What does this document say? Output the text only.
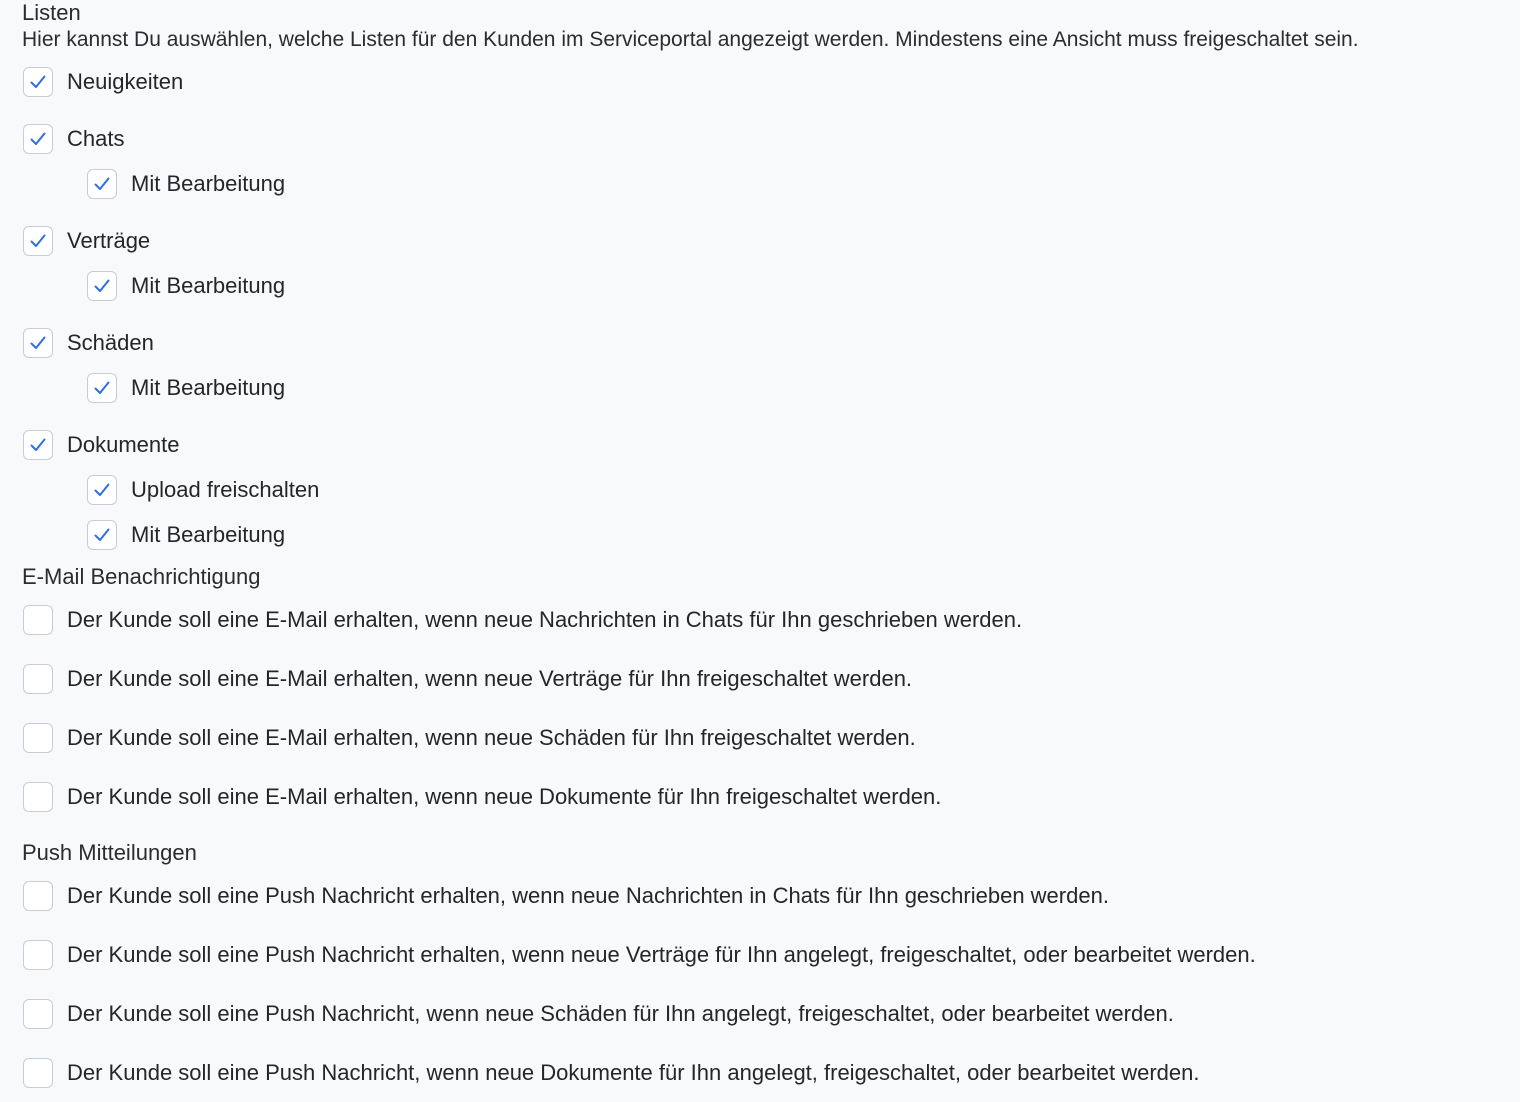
Listen
Hier kannst Du auswählen, welche Listen für den Kunden im Serviceportal angezeigt werden. Mindestens eine Ansicht muss freigeschaltet sein.
Neuigkeiten
Chats
Mit Bearbeitung
Verträge
Mit Bearbeitung
Schäden
Mit Bearbeitung
Dokumente
Upload freischalten
Mit Bearbeitung
E-Mail Benachrichtigung
Der Kunde soll eine E-Mail erhalten, wenn neue Nachrichten in Chats für Ihn geschrieben werden.
Der Kunde soll eine E-Mail erhalten, wenn neue Verträge für Ihn freigeschaltet werden.
Der Kunde soll eine E-Mail erhalten, wenn neue Schäden für Ihn freigeschaltet werden.
Der Kunde soll eine E-Mail erhalten, wenn neue Dokumente für Ihn freigeschaltet werden.
Push Mitteilungen
Der Kunde soll eine Push Nachricht erhalten, wenn neue Nachrichten in Chats für Ihn geschrieben werden.
Der Kunde soll eine Push Nachricht erhalten, wenn neue Verträge für Ihn angelegt, freigeschaltet, oder bearbeitet werden.
Der Kunde soll eine Push Nachricht, wenn neue Schäden für Ihn angelegt, freigeschaltet, oder bearbeitet werden.
Der Kunde soll eine Push Nachricht, wenn neue Dokumente für Ihn angelegt, freigeschaltet, oder bearbeitet werden.
